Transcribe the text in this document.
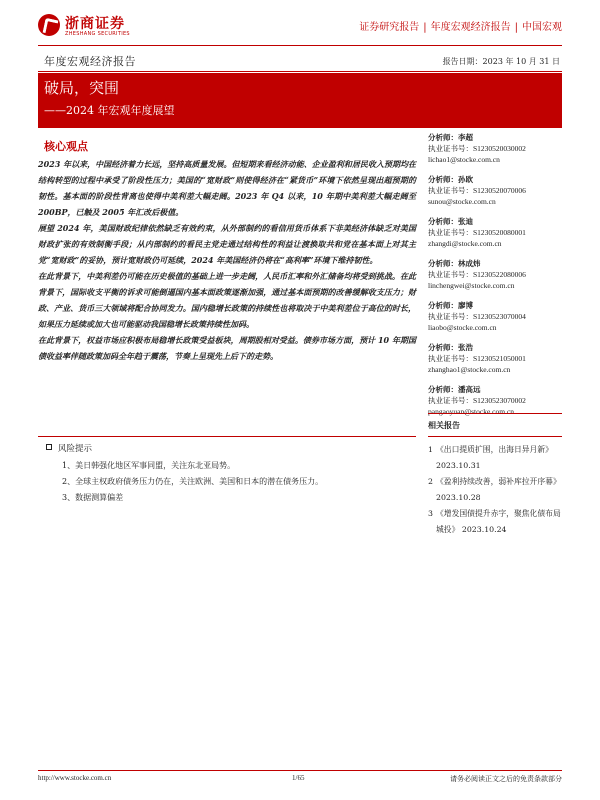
浙商证券
ZHESHANG SECURITIES
证券研究报告 | 年度宏观经济报告 | 中国宏观
年度宏观经济报告	报告日期：2023 年 10 月 31 日
破局，突围
——2024 年宏观年度展望
核心观点

2023 年以来，中国经济着力长远，坚持高质量发展。但短期来看经济动能、企业盈利和居民收入预期均在结构转型的过程中承受了阶段性压力；美国的“宽财政”则使得经济在“紧货币”环境下依然呈现出超预期的韧性。基本面的阶段性背离也使得中美利差大幅走阔。2023 年 Q4 以来，10 年期中美利差大幅走阔至 200BP，已触及 2005 年汇改后极值。

展望 2024 年，美国财政纪律依然缺乏有效约束，从外部制约的看信用货币体系下非美经济体缺乏对美国财政扩张的有效制衡手段；从内部制约的看民主党走通过结构性的利益让渡换取共和党在基本面上对其主党“宽财政”的妥协，预计宽财政仍可延续，2024 年美国经济仍将在“高利率”环境下维持韧性。

在此背景下，中美利差仍可能在历史极值的基础上进一步走阔，人民币汇率和外汇储备均将受到挑战。在此背景下，国际收支平衡的诉求可能倒逼国内基本面政策逐渐加强，通过基本面预期的改善缓解收支压力；财政、产业、货币三大领域将配合协同发力。国内稳增长政策的持续性也将取决于中美利差位于高位的时长，如果压力延续或加大也可能驱动我国稳增长政策持续性加码。

在此背景下，权益市场应积极布局稳增长政策受益板块，周期股相对受益。债券市场方面，预计 10 年期国债收益率伴随政策加码全年趋于震荡，节奏上呈现先上后下的走势。

风险提示
1、美日韩强化地区军事同盟，关注东北亚局势。
2、全球主权政府债务压力仍在，关注欧洲、美国和日本的潜在债务压力。
3、数据测算偏差
分析师：李超
执业证书号：S1230520030002
lichao1@stocke.com.cn
分析师：孙欧
执业证书号：S1230520070006
sunou@stocke.com.cn
分析师：张迪
执业证书号：S1230520080001
zhangdi@stocke.com.cn
分析师：林成炜
执业证书号：S1230522080006
linchengwei@stocke.com.cn
分析师：廖博
执业证书号：S1230523070004
liaobo@stocke.com.cn
分析师：张浩
执业证书号：S1230521050001
zhanghao1@stocke.com.cn
分析师：潘高远
执业证书号：S1230523070002
pangaoyuan@stocke.com.cn
相关报告
1 《出口提质扩围，出海日异月新》 2023.10.31
2 《盈利持续改善，弱补库拉开序幕》 2023.10.28
3 《增发国债提升赤字，聚焦化债布局城投》 2023.10.24
http://www.stocke.com.cn	1/65	请务必阅读正文之后的免责条款部分
